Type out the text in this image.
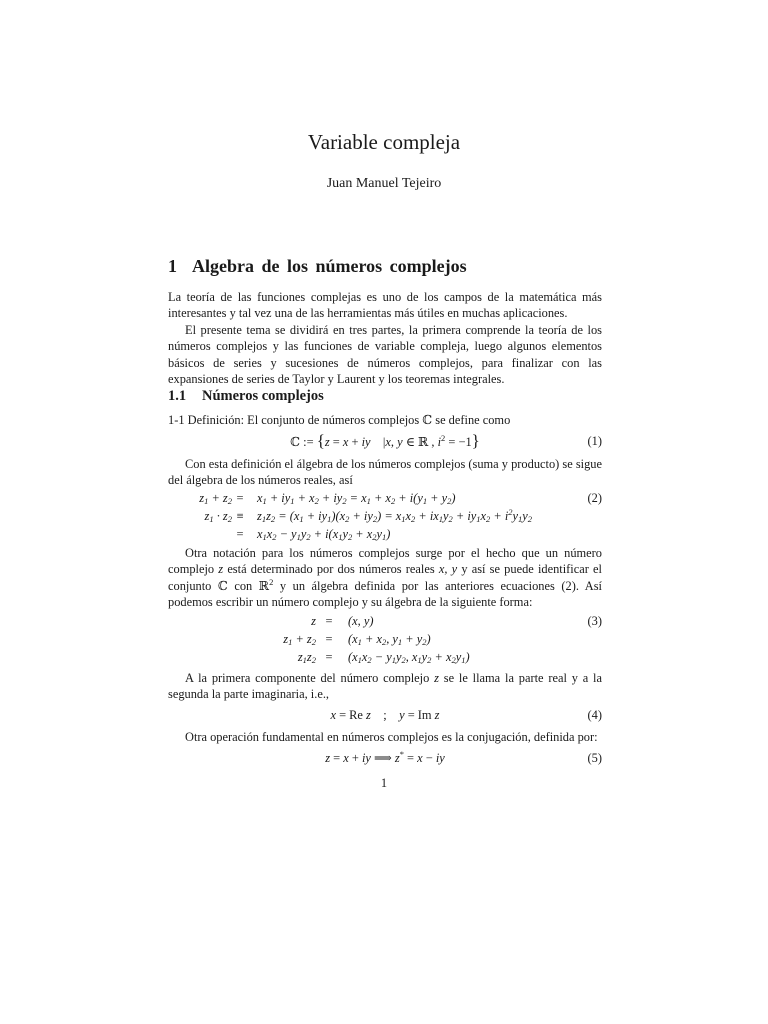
Variable compleja
Juan Manuel Tejeiro
1 Algebra de los números complejos

La teoría de las funciones complejas es uno de los campos de la matemática más interesantes y tal vez una de las herramientas más útiles en muchas aplicaciones.

El presente tema se dividirá en tres partes, la primera comprende la teoría de los números complejos y las funciones de variable compleja, luego algunos elementos básicos de series y sucesiones de números complejos, para finalizar con las expansiones de series de Taylor y Laurent y los teoremas integrales.

1.1 Números complejos

1-1 Definición: El conjunto de números complejos ℂ se define como

ℂ := {z = x + iy    |x, y ∈ ℝ , $i^2 = -1$}	(1)

Con esta definición el álgebra de los números complejos (suma y producto) se sigue del álgebra de los números reales, así

$z_1 + z_2$ =	$x_1 + iy_1 + x_2 + iy_2 = x_1 + x_2 + i(y_1 + y_2)$	(2)
$z_1 \cdot z_2$ ≡	$z_1z_2 = (x_1 + iy_1)(x_2 + iy_2) = x_1x_2 + ix_1y_2 + iy_1x_2 + i^2y_1y_2$
=	$x_1x_2 - y_1y_2 + i(x_1y_2 + x_2y_1)$

Otra notación para los números complejos surge por el hecho que un número complejo z está determinado por dos números reales x, y y así se puede identificar el conjunto ℂ con ℝ$^2$ y un álgebra definida por las anteriores ecuaciones (2). Así podemos escribir un número complejo y su álgebra de la siguiente forma:

z =	(x, y)	(3)
$z_1 + z_2$ =	($x_1 + x_2$, $y_1 + y_2$)
$z_1z_2$ =	($x_1x_2 - y_1y_2$, $x_1y_2 + x_2y_1$)

A la primera componente del número complejo z se le llama la parte real y a la segunda la parte imaginaria, i.e.,

x = Re z    ;    y = Im z	(4)

Otra operación fundamental en números complejos es la conjugación, definida por:

z = x + iy ⟹ z* = x − iy	(5)
1
